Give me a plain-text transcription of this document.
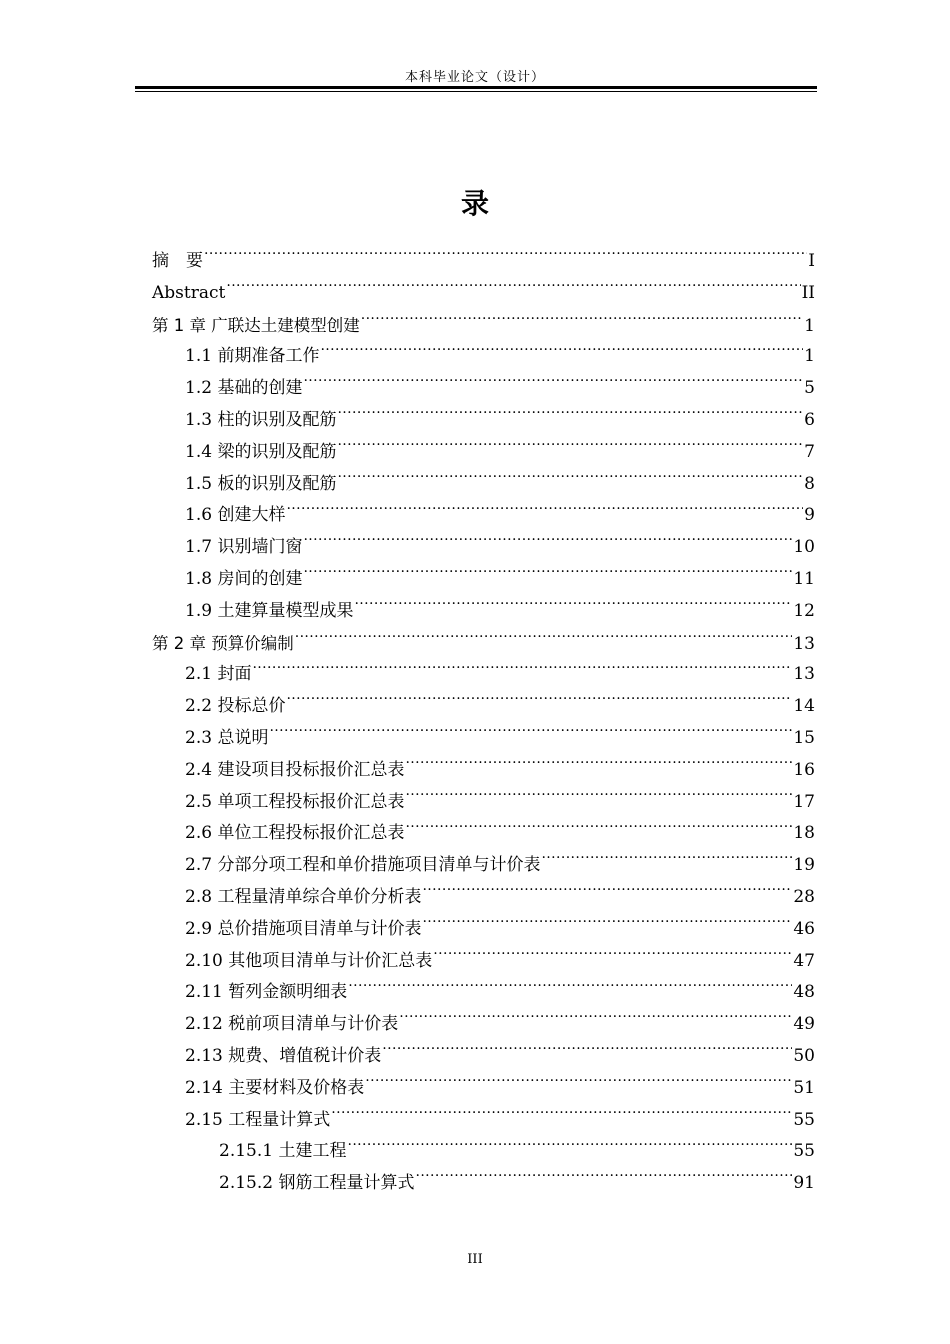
本科毕业论文（设计）
录
摘　要 .....	I
Abstract .....	II
第 1 章 广联达土建模型创建 .....	1
1.1 前期准备工作 .....	1
1.2 基础的创建 .....	5
1.3 柱的识别及配筋 .....	6
1.4 梁的识别及配筋 .....	7
1.5 板的识别及配筋 .....	8
1.6 创建大样 .....	9
1.7 识别墙门窗 .....	10
1.8 房间的创建 .....	11
1.9 土建算量模型成果 .....	12
第 2 章 预算价编制 .....	13
2.1 封面 .....	13
2.2 投标总价 .....	14
2.3 总说明 .....	15
2.4 建设项目投标报价汇总表 .....	16
2.5 单项工程投标报价汇总表 .....	17
2.6 单位工程投标报价汇总表 .....	18
2.7 分部分项工程和单价措施项目清单与计价表 .....	19
2.8 工程量清单综合单价分析表 .....	28
2.9 总价措施项目清单与计价表 .....	46
2.10 其他项目清单与计价汇总表 .....	47
2.11 暂列金额明细表 .....	48
2.12 税前项目清单与计价表 .....	49
2.13 规费、增值税计价表 .....	50
2.14 主要材料及价格表 .....	51
2.15 工程量计算式 .....	55
2.15.1 土建工程 .....	55
2.15.2 钢筋工程量计算式 .....	91
III
